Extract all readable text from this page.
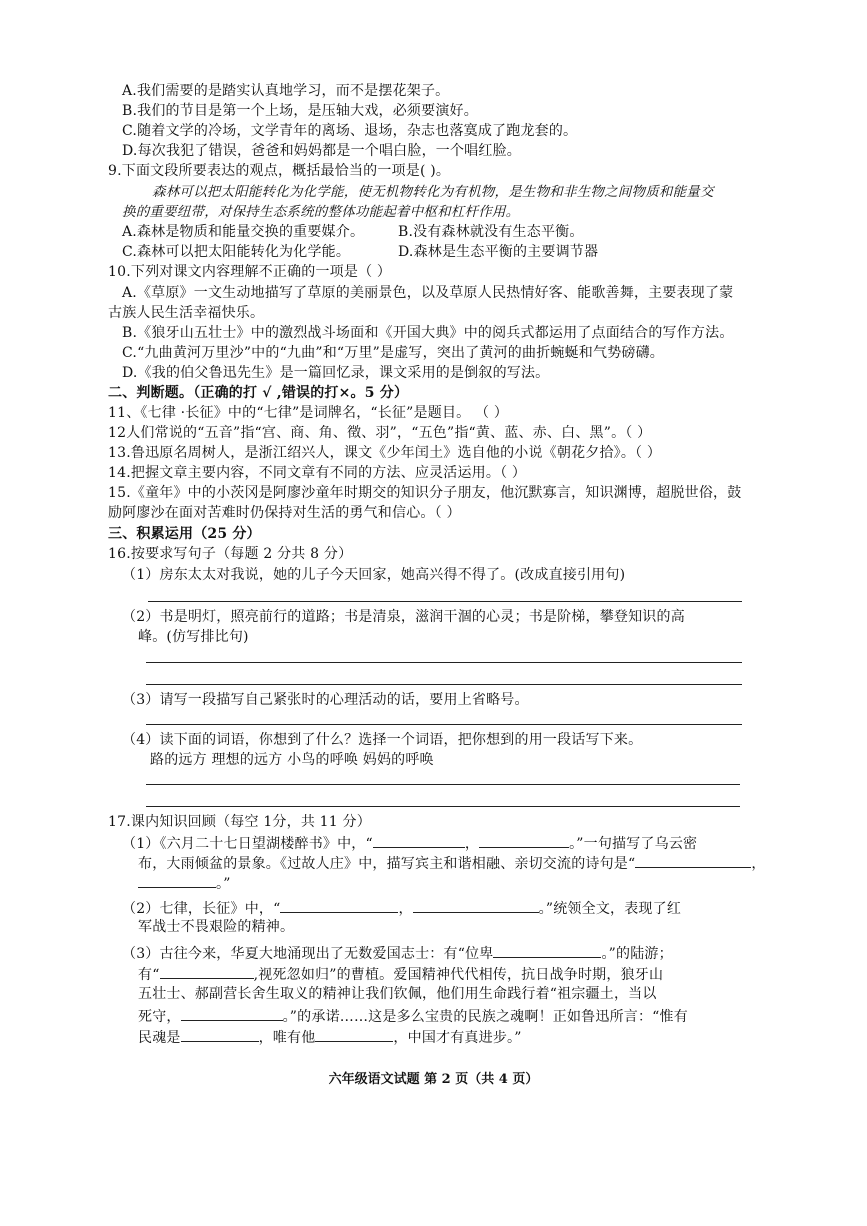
A.我们需要的是踏实认真地学习，而不是摆花架子。
B.我们的节目是第一个上场，是压轴大戏，必须要演好。
C.随着文学的冷场，文学青年的离场、退场，杂志也落寞成了跑龙套的。
D.每次我犯了错误，爸爸和妈妈都是一个唱白脸，一个唱红脸。
9.下面文段所要表达的观点，概括最恰当的一项是( )。
森林可以把太阳能转化为化学能，使无机物转化为有机物，是生物和非生物之间物质和能量交
换的重要纽带，对保持生态系统的整体功能起着中枢和杠杆作用。
A.森林是物质和能量交换的重要媒介。 B.没有森林就没有生态平衡。
C.森林可以把太阳能转化为化学能。	D.森林是生态平衡的主要调节器
10.下列对课文内容理解不正确的一项是（ ）
A.《草原》一文生动地描写了草原的美丽景色，以及草原人民热情好客、能歌善舞，主要表现了蒙
古族人民生活幸福快乐。
B.《狼牙山五壮士》中的激烈战斗场面和《开国大典》中的阅兵式都运用了点面结合的写作方法。
C.“九曲黄河万里沙”中的“九曲”和“万里”是虚写，突出了黄河的曲折蜿蜒和气势磅礴。
D.《我的伯父鲁迅先生》是一篇回忆录，课文采用的是倒叙的写法。
二、判断题。（正确的打 √ ,错误的打×。5 分）
11、《七律 ·长征》中的“七律”是词牌名，“长征”是题目。 （ ）
12人们常说的“五音”指“宫、商、角、徵、羽”，“五色”指“黄、蓝、赤、白、黑”。（ ）
13.鲁迅原名周树人，是浙江绍兴人，课文《少年闰土》选自他的小说《朝花夕拾》。（ ）
14.把握文章主要内容，不同文章有不同的方法、应灵活运用。（ ）
15.《童年》中的小茨冈是阿廖沙童年时期交的知识分子朋友，他沉默寡言，知识渊博，超脱世俗，鼓
励阿廖沙在面对苦难时仍保持对生活的勇气和信心。（ ）
三、积累运用（25 分）
16.按要求写句子（每题 2 分共 8 分）
（1）房东太太对我说，她的儿子今天回家，她高兴得不得了。(改成直接引用句)
（2）书是明灯，照亮前行的道路；书是清泉，滋润干涸的心灵；书是阶梯，攀登知识的高
峰。(仿写排比句)
（3）请写一段描写自己紧张时的心理活动的话，要用上省略号。
（4）读下面的词语，你想到了什么？选择一个词语，把你想到的用一段话写下来。
路的远方 理想的远方 小鸟的呼唤 妈妈的呼唤
17.课内知识回顾（每空 1分，共 11 分）
（1）《六月二十七日望湖楼醉书》中，“	，	。”一句描写了乌云密
布，大雨倾盆的景象。《过故人庄》中，描写宾主和谐相融、亲切交流的诗句是“	，
。”
（2）七律，长征》中，“	，	。”统领全文，表现了红
军战士不畏艰险的精神。
（3）古往今来，华夏大地涌现出了无数爱国志士：有“位卑	。”的陆游；
有“	,视死忽如归”的曹植。爱国精神代代相传，抗日战争时期，狼牙山
五壮士、郝副营长舍生取义的精神让我们钦佩，他们用生命践行着“祖宗疆土，当以
死守，	。”的承诺……这是多么宝贵的民族之魂啊！正如鲁迅所言：“惟有
民魂是	，唯有他	，中国才有真进步。”
六年级语文试题 第 2 页（共 4 页）
